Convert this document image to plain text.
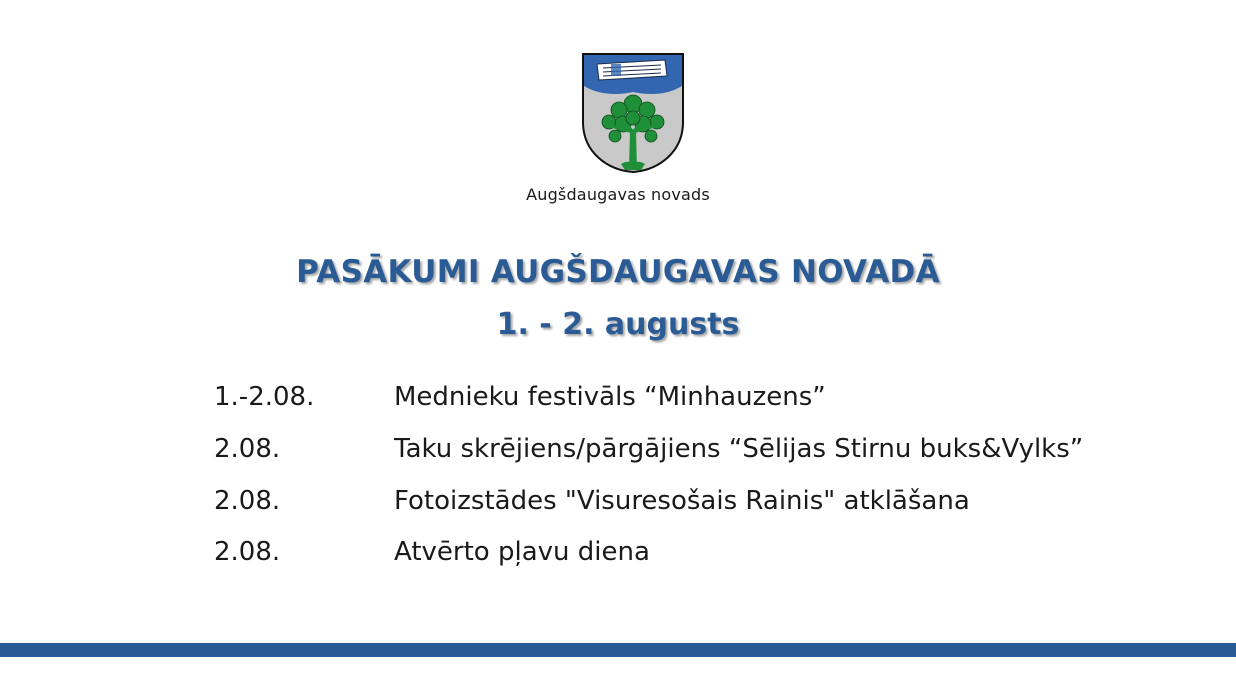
Augšdaugavas novads
PASĀKUMI AUGŠDAUGAVAS NOVADĀ
1. - 2. augusts
1.-2.08.	Mednieku festivāls “Minhauzens”
2.08.	Taku skrējiens/pārgājiens “Sēlijas Stirnu buks&Vylks”
2.08.	Fotoizstādes "Visuresošais Rainis" atklāšana
2.08.	Atvērto pļavu diena
